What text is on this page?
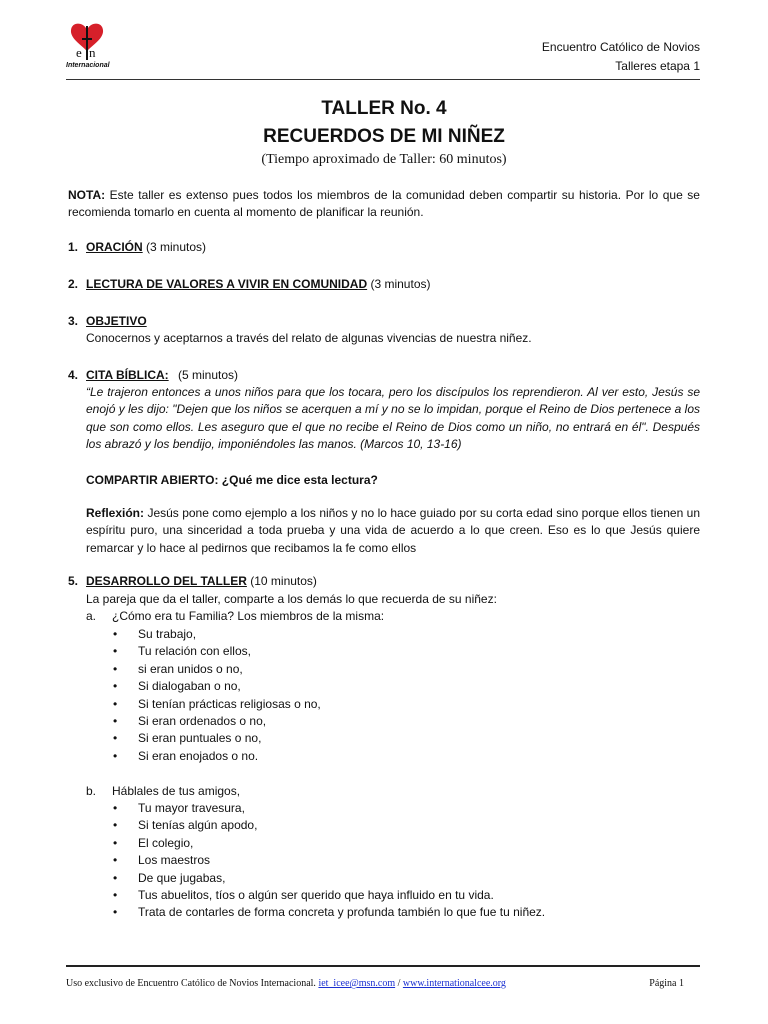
e n
Internacional
Encuentro Católico de Novios
Talleres etapa 1
TALLER No. 4
RECUERDOS DE MI NIÑEZ
(Tiempo aproximado de Taller: 60 minutos)
NOTA: Este taller es extenso pues todos los miembros de la comunidad deben compartir su historia. Por lo que se recomienda tomarlo en cuenta al momento de planificar la reunión.
1. ORACIÓN (3 minutos)
2. LECTURA DE VALORES A VIVIR EN COMUNIDAD (3 minutos)
3. OBJETIVO
Conocernos y aceptarnos a través del relato de algunas vivencias de nuestra niñez.
4. CITA BÍBLICA: (5 minutos)
“Le trajeron entonces a unos niños para que los tocara, pero los discípulos los reprendieron. Al ver esto, Jesús se enojó y les dijo: "Dejen que los niños se acerquen a mí y no se lo impidan, porque el Reino de Dios pertenece a los que son como ellos. Les aseguro que el que no recibe el Reino de Dios como un niño, no entrará en él". Después los abrazó y los bendijo, imponiéndoles las manos. (Marcos 10, 13-16)
COMPARTIR ABIERTO: ¿Qué me dice esta lectura?
Reflexión: Jesús pone como ejemplo a los niños y no lo hace guiado por su corta edad sino porque ellos tienen un espíritu puro, una sinceridad a toda prueba y una vida de acuerdo a lo que creen. Eso es lo que Jesús quiere remarcar y lo hace al pedirnos que recibamos la fe como ellos
5. DESARROLLO DEL TALLER (10 minutos)
La pareja que da el taller, comparte a los demás lo que recuerda de su niñez:
a. ¿Cómo era tu Familia? Los miembros de la misma:
• Su trabajo,
• Tu relación con ellos,
• si eran unidos o no,
• Si dialogaban o no,
• Si tenían prácticas religiosas o no,
• Si eran ordenados o no,
• Si eran puntuales o no,
• Si eran enojados o no.
b. Háblales de tus amigos,
• Tu mayor travesura,
• Si tenías algún apodo,
• El colegio,
• Los maestros
• De que jugabas,
• Tus abuelitos, tíos o algún ser querido que haya influido en tu vida.
• Trata de contarles de forma concreta y profunda también lo que fue tu niñez.
Uso exclusivo de Encuentro Católico de Novios Internacional. iet_icee@msn.com / www.internationalcee.org	Página 1
